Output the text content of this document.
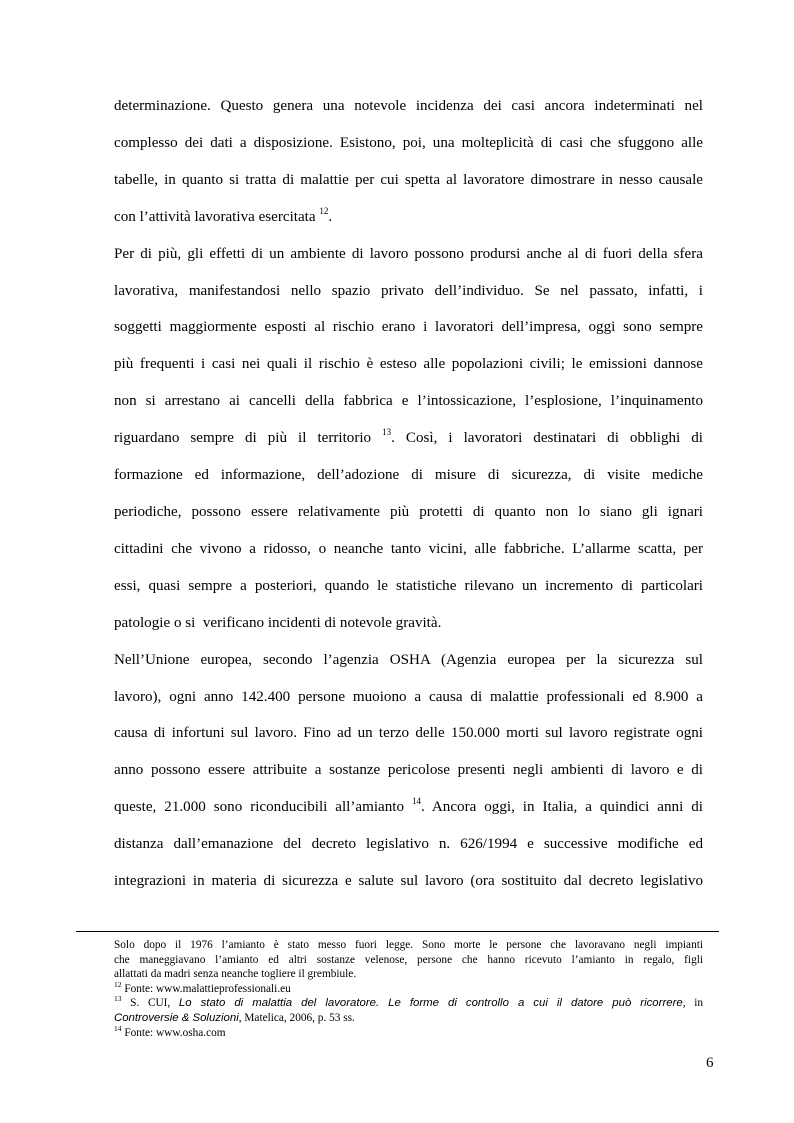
determinazione. Questo genera una notevole incidenza dei casi ancora indeterminati nel
complesso dei dati a disposizione. Esistono, poi, una molteplicità di casi che sfuggono alle
tabelle, in quanto si tratta di malattie per cui spetta al lavoratore dimostrare in nesso causale
con l’attività lavorativa esercitata $^{12}$.
Per di più, gli effetti di un ambiente di lavoro possono prodursi anche al di fuori della sfera
lavorativa, manifestandosi nello spazio privato dell’individuo. Se nel passato, infatti, i
soggetti maggiormente esposti al rischio erano i lavoratori dell’impresa, oggi sono sempre
più frequenti i casi nei quali il rischio è esteso alle popolazioni civili; le emissioni dannose
non si arrestano ai cancelli della fabbrica e l’intossicazione, l’esplosione, l’inquinamento
riguardano sempre di più il territorio $^{13}$. Così, i lavoratori destinatari di obblighi di
formazione ed informazione, dell’adozione di misure di sicurezza, di visite mediche
periodiche, possono essere relativamente più protetti di quanto non lo siano gli ignari
cittadini che vivono a ridosso, o neanche tanto vicini, alle fabbriche. L’allarme scatta, per
essi, quasi sempre a posteriori, quando le statistiche rilevano un incremento di particolari
patologie o si  verificano incidenti di notevole gravità.
Nell’Unione europea, secondo l’agenzia OSHA (Agenzia europea per la sicurezza sul
lavoro), ogni anno 142.400 persone muoiono a causa di malattie professionali ed 8.900 a
causa di infortuni sul lavoro. Fino ad un terzo delle 150.000 morti sul lavoro registrate ogni
anno possono essere attribuite a sostanze pericolose presenti negli ambienti di lavoro e di
queste, 21.000 sono riconducibili all’amianto $^{14}$. Ancora oggi, in Italia, a quindici anni di
distanza dall’emanazione del decreto legislativo n. 626/1994 e successive modifiche ed
integrazioni in materia di sicurezza e salute sul lavoro (ora sostituito dal decreto legislativo
Solo dopo il 1976 l’amianto è stato messo fuori legge. Sono morte le persone che lavoravano negli impianti
che maneggiavano l’amianto ed altri sostanze velenose, persone che hanno ricevuto l’amianto in regalo, figli
allattati da madri senza neanche togliere il grembiule.
$^{12}$ Fonte: www.malattieprofessionali.eu
$^{13}$ S. CUI, Lo stato di malattia del lavoratore. Le forme di controllo a cui il datore può ricorrere, in
Controversie & Soluzioni, Matelica, 2006, p. 53 ss.
$^{14}$ Fonte: www.osha.com
6
